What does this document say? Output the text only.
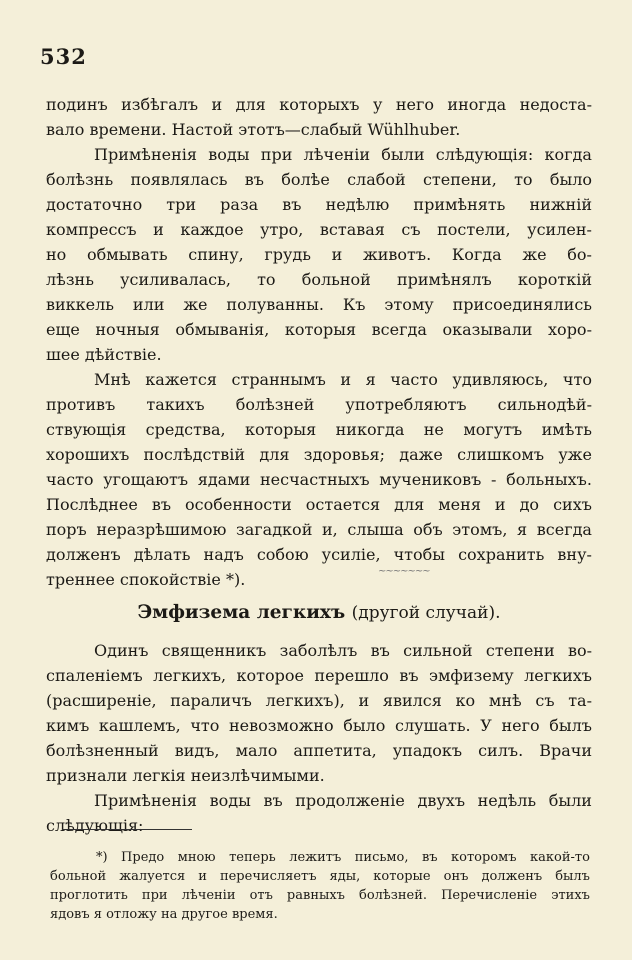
532
~~~~~~~
подинъ избѣгалъ и для которыхъ у него иногда недоста-
вало времени. Настой этотъ—слабый Wühlhuber.
Примѣненія воды при лѣченіи были слѣдующія: когда
болѣзнь появлялась въ болѣе слабой степени, то было
достаточно три раза въ недѣлю примѣнять нижній
компрессъ и каждое утро, вставая съ постели, усилен-
но обмывать спину, грудь и животъ. Когда же бо-
лѣзнь усиливалась, то больной примѣнялъ короткій
виккель или же полуванны. Къ этому присоединялись
еще ночныя обмыванія, которыя всегда оказывали хоро-
шее дѣйствіе.
Мнѣ кажется страннымъ и я часто удивляюсь, что
противъ такихъ болѣзней употребляютъ сильнодѣй-
ствующія средства, которыя никогда не могутъ имѣть
хорошихъ послѣдствій для здоровья; даже слишкомъ уже
часто угощаютъ ядами несчастныхъ мучениковъ - больныхъ.
Послѣднее въ особенности остается для меня и до сихъ
поръ неразрѣшимою загадкой и, слыша объ этомъ, я всегда
долженъ дѣлать надъ собою усиліе, чтобы сохранить вну-
треннее спокойствіе *).
Эмфизема легкихъ (другой случай).
Одинъ священникъ заболѣлъ въ сильной степени во-
спаленіемъ легкихъ, которое перешло въ эмфизему легкихъ
(расширеніе, параличъ легкихъ), и явился ко мнѣ съ та-
кимъ кашлемъ, что невозможно было слушать. У него былъ
болѣзненный видъ, мало аппетита, упадокъ силъ. Врачи
признали легкія неизлѣчимыми.
Примѣненія воды въ продолженіе двухъ недѣль были
слѣдующія:
*) Предо мною теперь лежитъ письмо, въ которомъ какой-то
больной жалуется и перечисляетъ яды, которые онъ долженъ былъ
проглотить при лѣченіи отъ равныхъ болѣзней. Перечисленіе этихъ
ядовъ я отложу на другое время.
